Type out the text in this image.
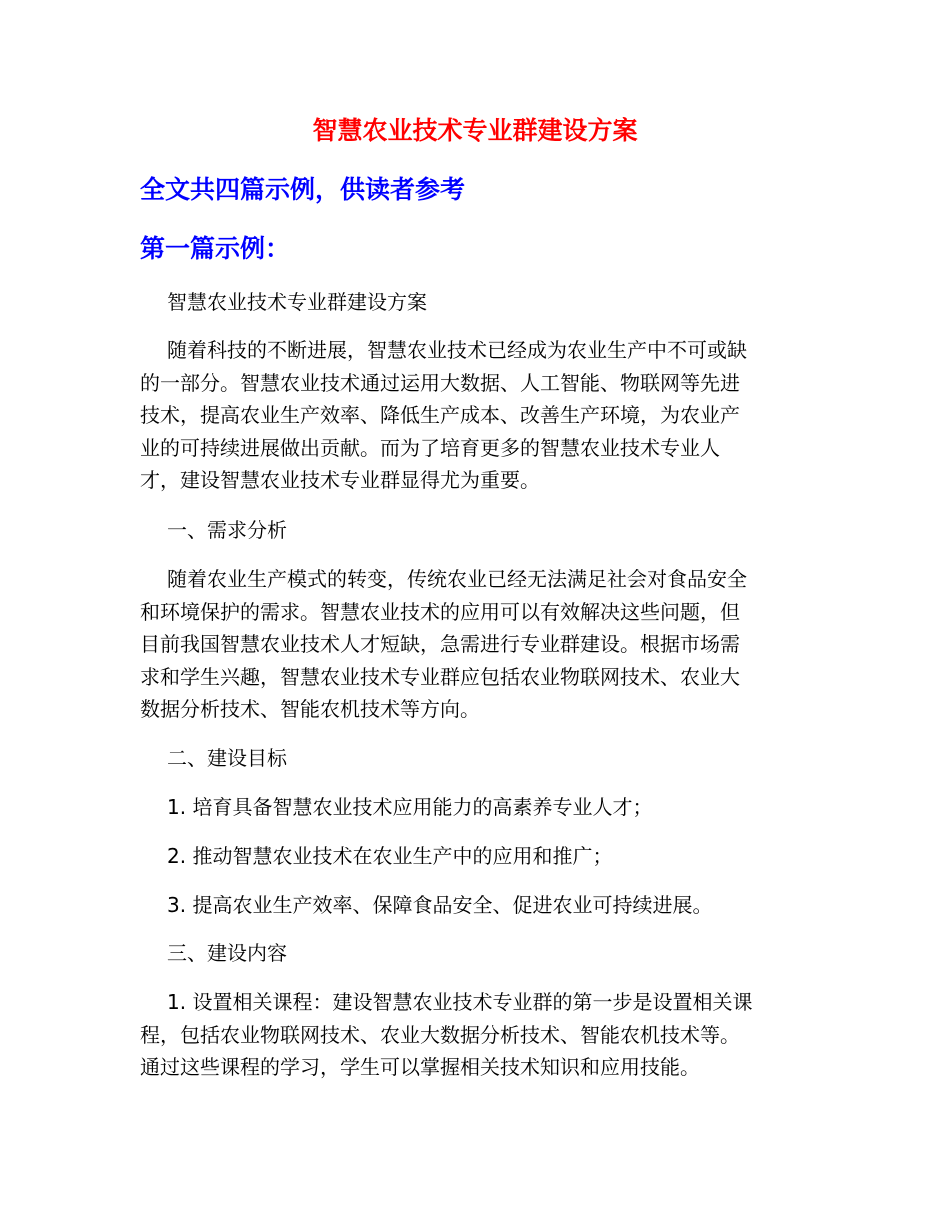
智慧农业技术专业群建设方案
全文共四篇示例，供读者参考
第一篇示例：

智慧农业技术专业群建设方案

随着科技的不断进展，智慧农业技术已经成为农业生产中不可或缺
的一部分。智慧农业技术通过运用大数据、人工智能、物联网等先进
技术，提高农业生产效率、降低生产成本、改善生产环境，为农业产
业的可持续进展做出贡献。而为了培育更多的智慧农业技术专业人
才，建设智慧农业技术专业群显得尤为重要。

一、需求分析

随着农业生产模式的转变，传统农业已经无法满足社会对食品安全
和环境保护的需求。智慧农业技术的应用可以有效解决这些问题，但
目前我国智慧农业技术人才短缺，急需进行专业群建设。根据市场需
求和学生兴趣，智慧农业技术专业群应包括农业物联网技术、农业大
数据分析技术、智能农机技术等方向。

二、建设目标

1. 培育具备智慧农业技术应用能力的高素养专业人才；

2. 推动智慧农业技术在农业生产中的应用和推广；

3. 提高农业生产效率、保障食品安全、促进农业可持续进展。

三、建设内容

1. 设置相关课程：建设智慧农业技术专业群的第一步是设置相关课
程，包括农业物联网技术、农业大数据分析技术、智能农机技术等。
通过这些课程的学习，学生可以掌握相关技术知识和应用技能。
